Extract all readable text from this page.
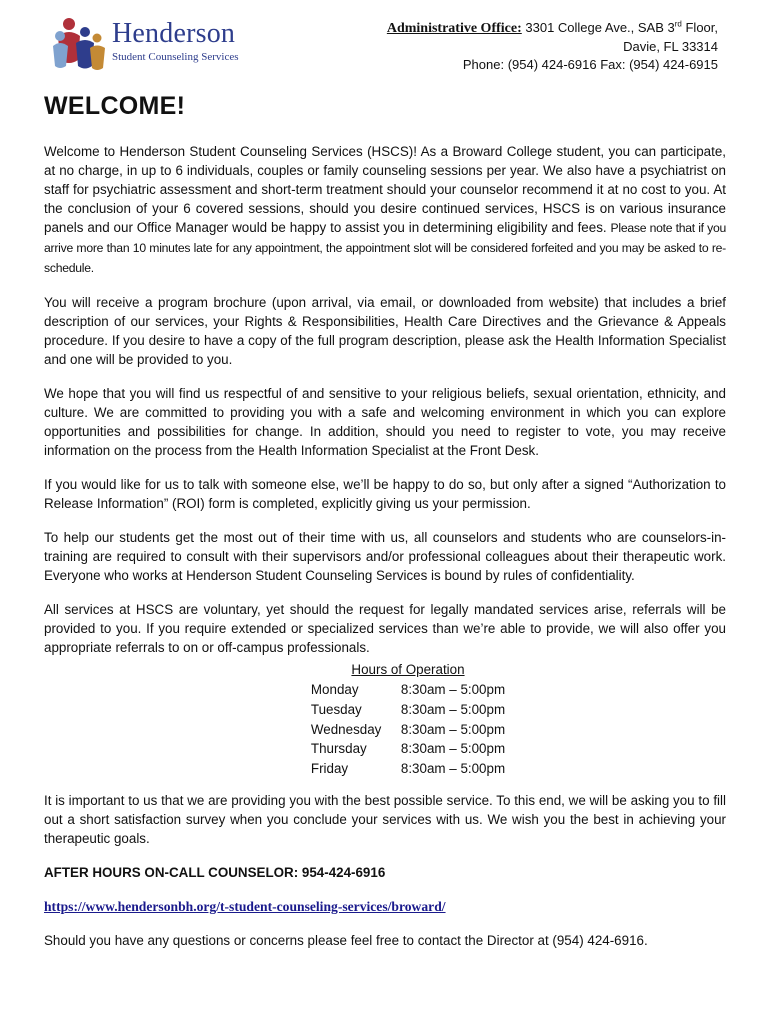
Henderson
Student Counseling Services
Administrative Office: 3301 College Ave., SAB 3rd Floor,
Davie, FL 33314
Phone: (954) 424-6916 Fax: (954) 424-6915
WELCOME!

Welcome to Henderson Student Counseling Services (HSCS)! As a Broward College student, you can participate, at no charge, in up to 6 individuals, couples or family counseling sessions per year. We also have a psychiatrist on staff for psychiatric assessment and short-term treatment should your counselor recommend it at no cost to you. At the conclusion of your 6 covered sessions, should you desire continued services, HSCS is on various insurance panels and our Office Manager would be happy to assist you in determining eligibility and fees. Please note that if you arrive more than 10 minutes late for any appointment, the appointment slot will be considered forfeited and you may be asked to re-schedule.

You will receive a program brochure (upon arrival, via email, or downloaded from website) that includes a brief description of our services, your Rights & Responsibilities, Health Care Directives and the Grievance & Appeals procedure. If you desire to have a copy of the full program description, please ask the Health Information Specialist and one will be provided to you.

We hope that you will find us respectful of and sensitive to your religious beliefs, sexual orientation, ethnicity, and culture. We are committed to providing you with a safe and welcoming environment in which you can explore opportunities and possibilities for change. In addition, should you need to register to vote, you may receive information on the process from the Health Information Specialist at the Front Desk.

If you would like for us to talk with someone else, we’ll be happy to do so, but only after a signed “Authorization to Release Information” (ROI) form is completed, explicitly giving us your permission.

To help our students get the most out of their time with us, all counselors and students who are counselors-in-training are required to consult with their supervisors and/or professional colleagues about their therapeutic work. Everyone who works at Henderson Student Counseling Services is bound by rules of confidentiality.

All services at HSCS are voluntary, yet should the request for legally mandated services arise, referrals will be provided to you. If you require extended or specialized services than we’re able to provide, we will also offer you appropriate referrals to on or off-campus professionals.

Hours of Operation
Monday	8:30am – 5:00pm
Tuesday	8:30am – 5:00pm
Wednesday	8:30am – 5:00pm
Thursday	8:30am – 5:00pm
Friday	8:30am – 5:00pm

It is important to us that we are providing you with the best possible service. To this end, we will be asking you to fill out a short satisfaction survey when you conclude your services with us. We wish you the best in achieving your therapeutic goals.

AFTER HOURS ON-CALL COUNSELOR: 954-424-6916

https://www.hendersonbh.org/t-student-counseling-services/broward/

Should you have any questions or concerns please feel free to contact the Director at (954) 424-6916.
